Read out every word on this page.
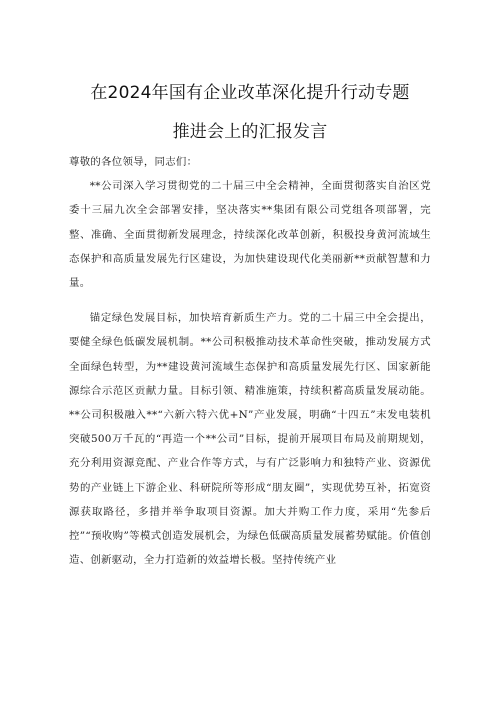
在2024年国有企业改革深化提升行动专题
推进会上的汇报发言

尊敬的各位领导，同志们：

**公司深入学习贯彻党的二十届三中全会精神，全面贯彻落实自治区党委十三届九次全会部署安排，坚决落实**集团有限公司党组各项部署，完整、准确、全面贯彻新发展理念，持续深化改革创新，积极投身黄河流域生态保护和高质量发展先行区建设，为加快建设现代化美丽新**贡献智慧和力量。

锚定绿色发展目标，加快培育新质生产力。党的二十届三中全会提出，要健全绿色低碳发展机制。**公司积极推动技术革命性突破，推动发展方式全面绿色转型，为**建设黄河流域生态保护和高质量发展先行区、国家新能源综合示范区贡献力量。目标引领、精准施策，持续积蓄高质量发展动能。**公司积极融入**“六新六特六优+N”产业发展，明确“十四五”末发电装机突破500万千瓦的“再造一个**公司”目标，提前开展项目布局及前期规划，充分利用资源竞配、产业合作等方式，与有广泛影响力和独特产业、资源优势的产业链上下游企业、科研院所等形成“朋友圈”，实现优势互补，拓宽资源获取路径，多措并举争取项目资源。加大并购工作力度，采用“先参后控”“预收购”等模式创造发展机会，为绿色低碳高质量发展蓄势赋能。价值创造、创新驱动，全力打造新的效益增长极。坚持传统产业
